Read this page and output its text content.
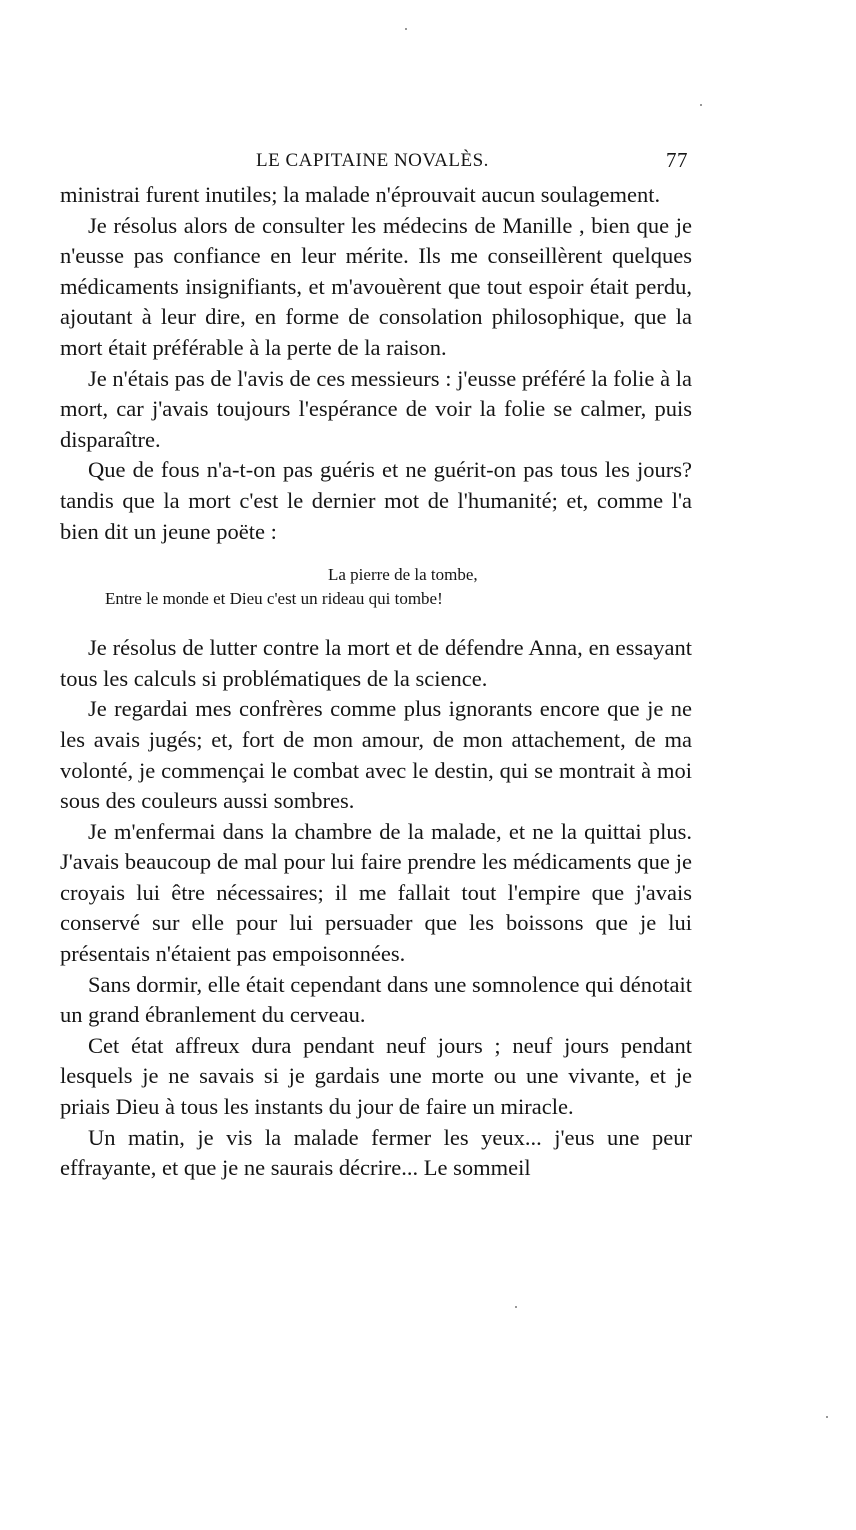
LE CAPITAINE NOVALÈS.	77

ministrai furent inutiles; la malade n'éprouvait aucun soulagement.

Je résolus alors de consulter les médecins de Manille , bien que je n'eusse pas confiance en leur mérite. Ils me conseillèrent quelques médicaments insignifiants, et m'avouèrent que tout espoir était perdu, ajoutant à leur dire, en forme de consolation philosophique, que la mort était préférable à la perte de la raison.

Je n'étais pas de l'avis de ces messieurs : j'eusse préféré la folie à la mort, car j'avais toujours l'espérance de voir la folie se calmer, puis disparaître.

Que de fous n'a-t-on pas guéris et ne guérit-on pas tous les jours? tandis que la mort c'est le dernier mot de l'humanité; et, comme l'a bien dit un jeune poëte :

La pierre de la tombe,
Entre le monde et Dieu c'est un rideau qui tombe!

Je résolus de lutter contre la mort et de défendre Anna, en essayant tous les calculs si problématiques de la science.

Je regardai mes confrères comme plus ignorants encore que je ne les avais jugés; et, fort de mon amour, de mon attachement, de ma volonté, je commençai le combat avec le destin, qui se montrait à moi sous des couleurs aussi sombres.

Je m'enfermai dans la chambre de la malade, et ne la quittai plus. J'avais beaucoup de mal pour lui faire prendre les médicaments que je croyais lui être nécessaires; il me fallait tout l'empire que j'avais conservé sur elle pour lui persuader que les boissons que je lui présentais n'étaient pas empoisonnées.

Sans dormir, elle était cependant dans une somnolence qui dénotait un grand ébranlement du cerveau.

Cet état affreux dura pendant neuf jours ; neuf jours pendant lesquels je ne savais si je gardais une morte ou une vivante, et je priais Dieu à tous les instants du jour de faire un miracle.

Un matin, je vis la malade fermer les yeux... j'eus une peur effrayante, et que je ne saurais décrire... Le sommeil
